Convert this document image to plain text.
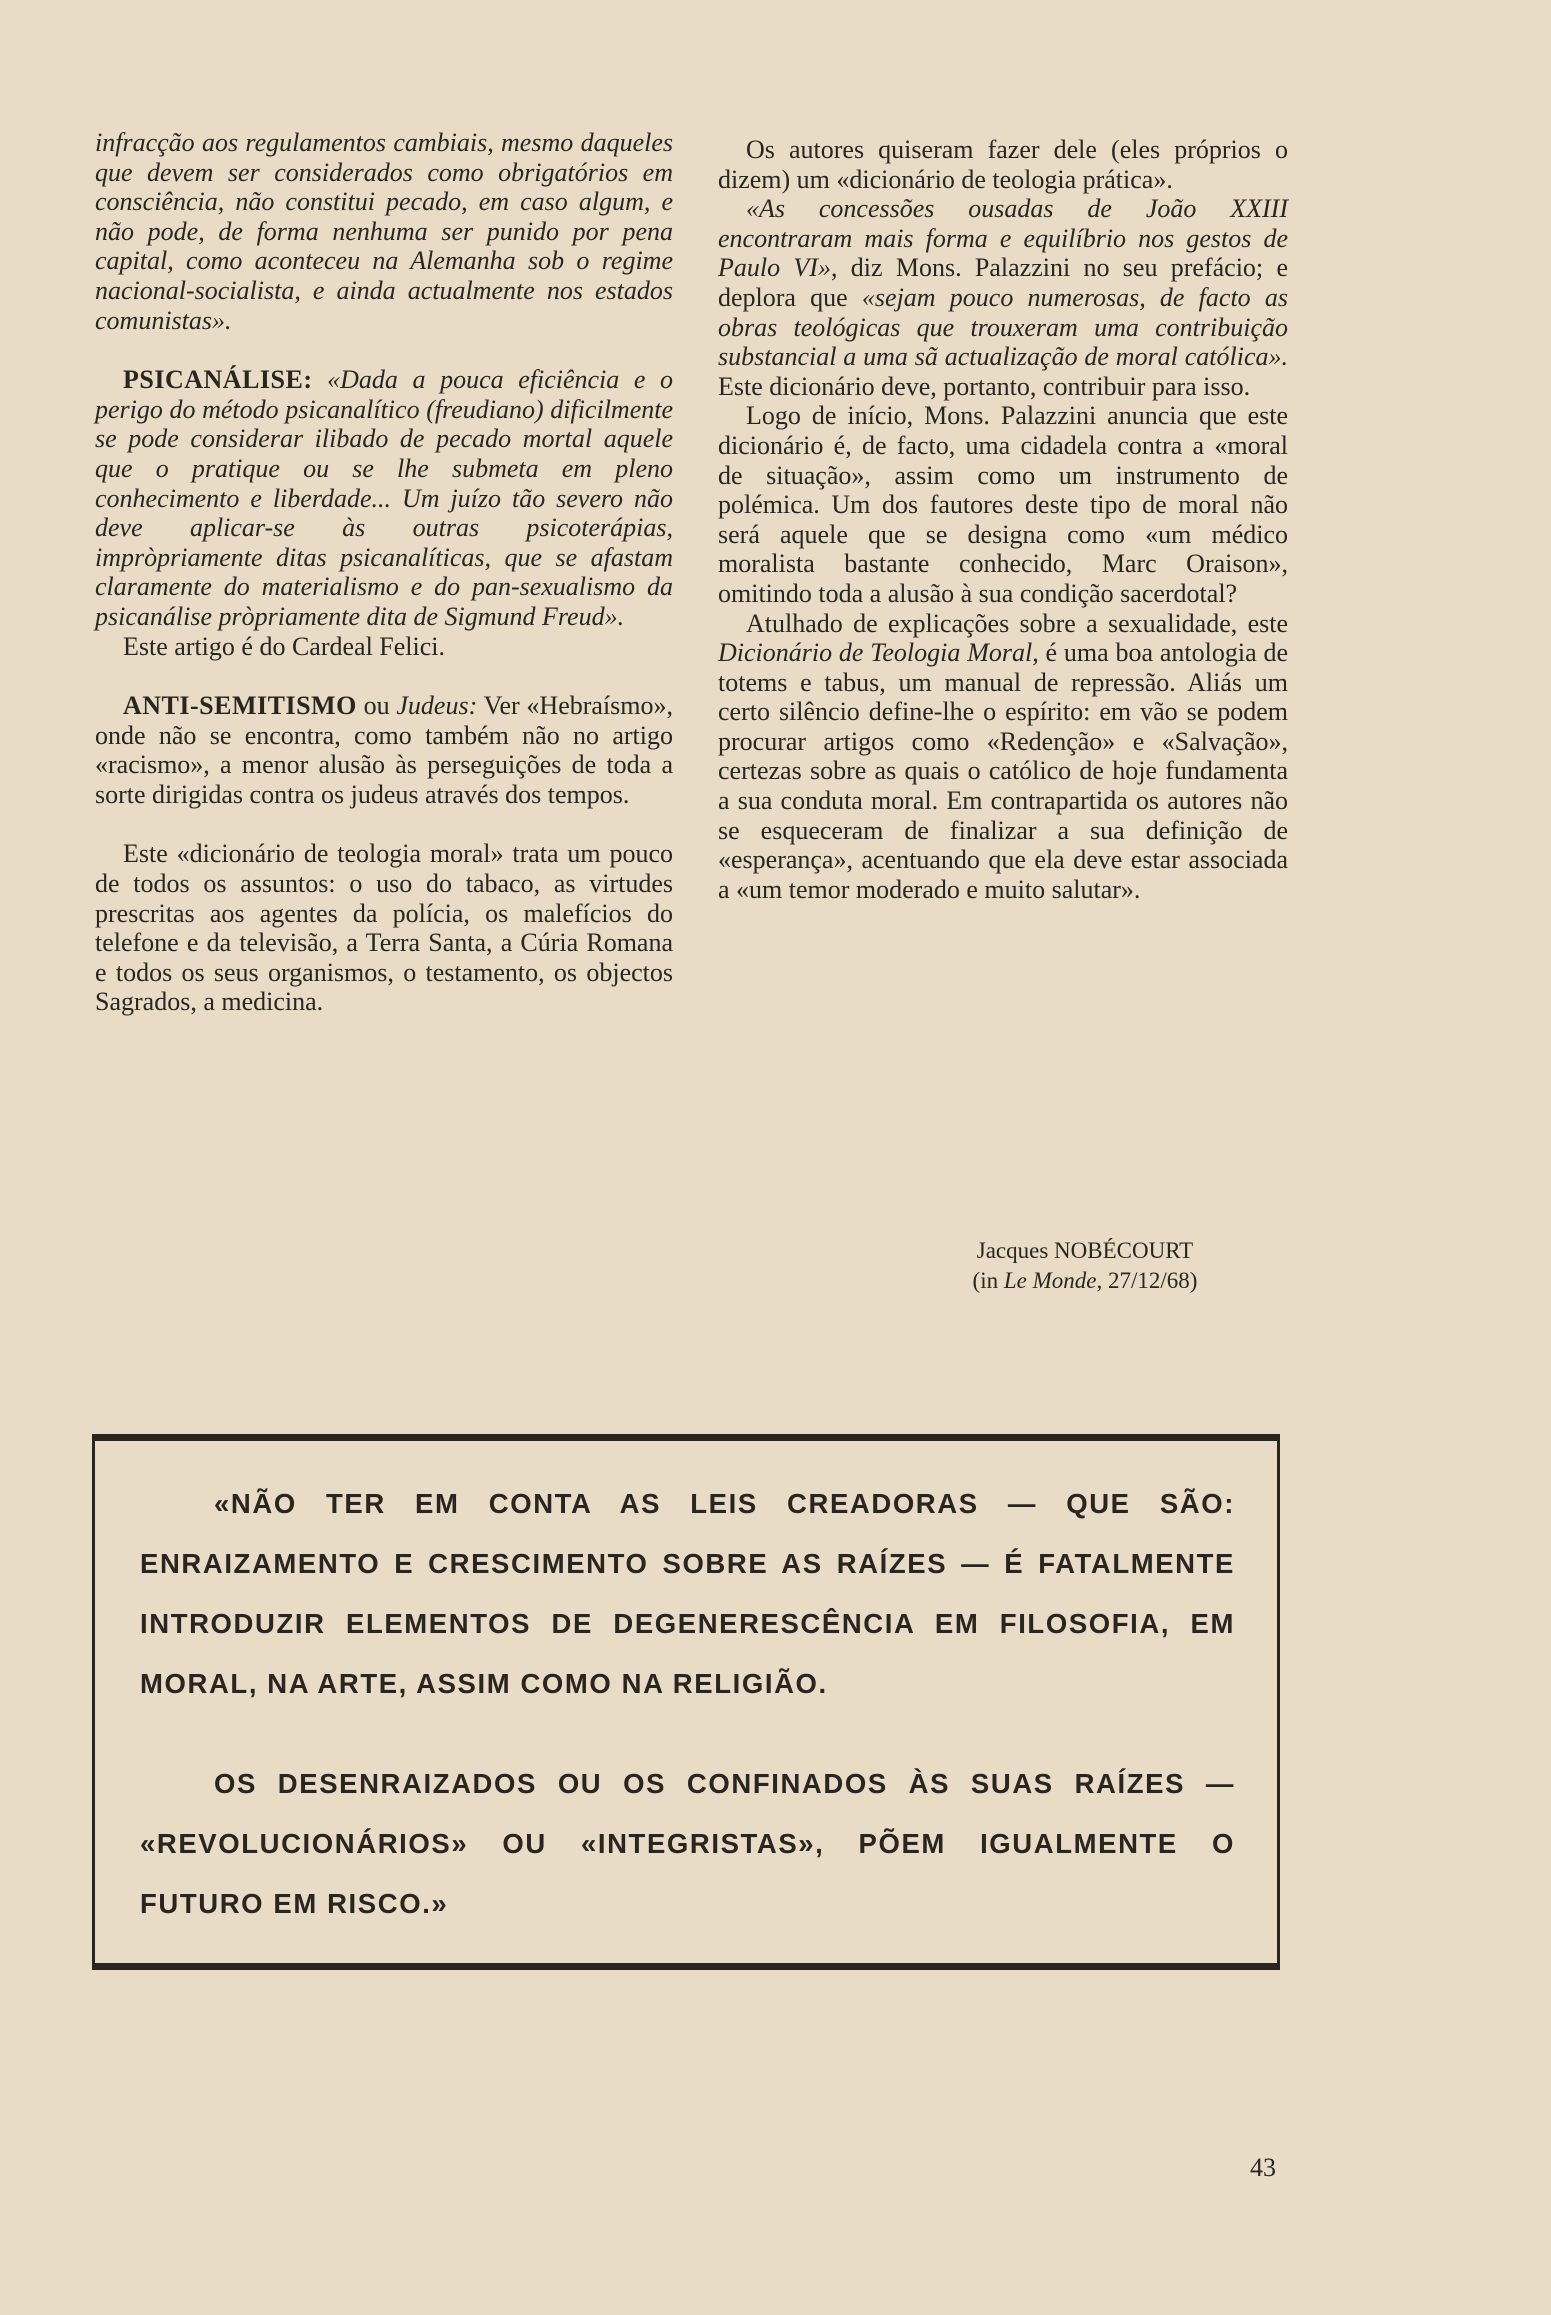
infracção aos regulamentos cambiais, mesmo daqueles que devem ser considerados como obrigatórios em consciência, não constitui pecado, em caso algum, e não pode, de forma nenhuma ser punido por pena capital, como aconteceu na Alemanha sob o regime nacional-socialista, e ainda actualmente nos estados comunistas».

PSICANÁLISE: «Dada a pouca eficiência e o perigo do método psicanalítico (freudiano) dificilmente se pode considerar ilibado de pecado mortal aquele que o pratique ou se lhe submeta em pleno conhecimento e liberdade... Um juízo tão severo não deve aplicar-se às outras psicoterápias, impròpriamente ditas psicanalíticas, que se afastam claramente do materialismo e do pan-sexualismo da psicanálise pròpriamente dita de Sigmund Freud».

Este artigo é do Cardeal Felici.

ANTI-SEMITISMO ou Judeus: Ver «Hebraísmo», onde não se encontra, como também não no artigo «racismo», a menor alusão às perseguições de toda a sorte dirigidas contra os judeus através dos tempos.

Este «dicionário de teologia moral» trata um pouco de todos os assuntos: o uso do tabaco, as virtudes prescritas aos agentes da polícia, os malefícios do telefone e da televisão, a Terra Santa, a Cúria Romana e todos os seus organismos, o testamento, os objectos Sagrados, a medicina.

Os autores quiseram fazer dele (eles próprios o dizem) um «dicionário de teologia prática».

«As concessões ousadas de João XXIII encontraram mais forma e equilíbrio nos gestos de Paulo VI», diz Mons. Palazzini no seu prefácio; e deplora que «sejam pouco numerosas, de facto as obras teológicas que trouxeram uma contribuição substancial a uma sã actualização de moral católica». Este dicionário deve, portanto, contribuir para isso.

Logo de início, Mons. Palazzini anuncia que este dicionário é, de facto, uma cidadela contra a «moral de situação», assim como um instrumento de polémica. Um dos fautores deste tipo de moral não será aquele que se designa como «um médico moralista bastante conhecido, Marc Oraison», omitindo toda a alusão à sua condição sacerdotal?

Atulhado de explicações sobre a sexualidade, este Dicionário de Teologia Moral, é uma boa antologia de totems e tabus, um manual de repressão. Aliás um certo silêncio define-lhe o espírito: em vão se podem procurar artigos como «Redenção» e «Salvação», certezas sobre as quais o católico de hoje fundamenta a sua conduta moral. Em contrapartida os autores não se esqueceram de finalizar a sua definição de «esperança», acentuando que ela deve estar associada a «um temor moderado e muito salutar».

Jacques NOBÉCOURT

(in Le Monde, 27/12/68)

«NÃO TER EM CONTA AS LEIS CREADORAS — QUE SÃO: ENRAIZAMENTO E CRESCIMENTO SOBRE AS RAÍZES — É FATALMENTE INTRODUZIR ELEMENTOS DE DEGENERESCÊNCIA EM FILOSOFIA, EM MORAL, NA ARTE, ASSIM COMO NA RELIGIÃO.

OS DESENRAIZADOS OU OS CONFINADOS ÀS SUAS RAÍZES — «REVOLUCIONÁRIOS» OU «INTEGRISTAS», PÕEM IGUALMENTE O FUTURO EM RISCO.»

43
